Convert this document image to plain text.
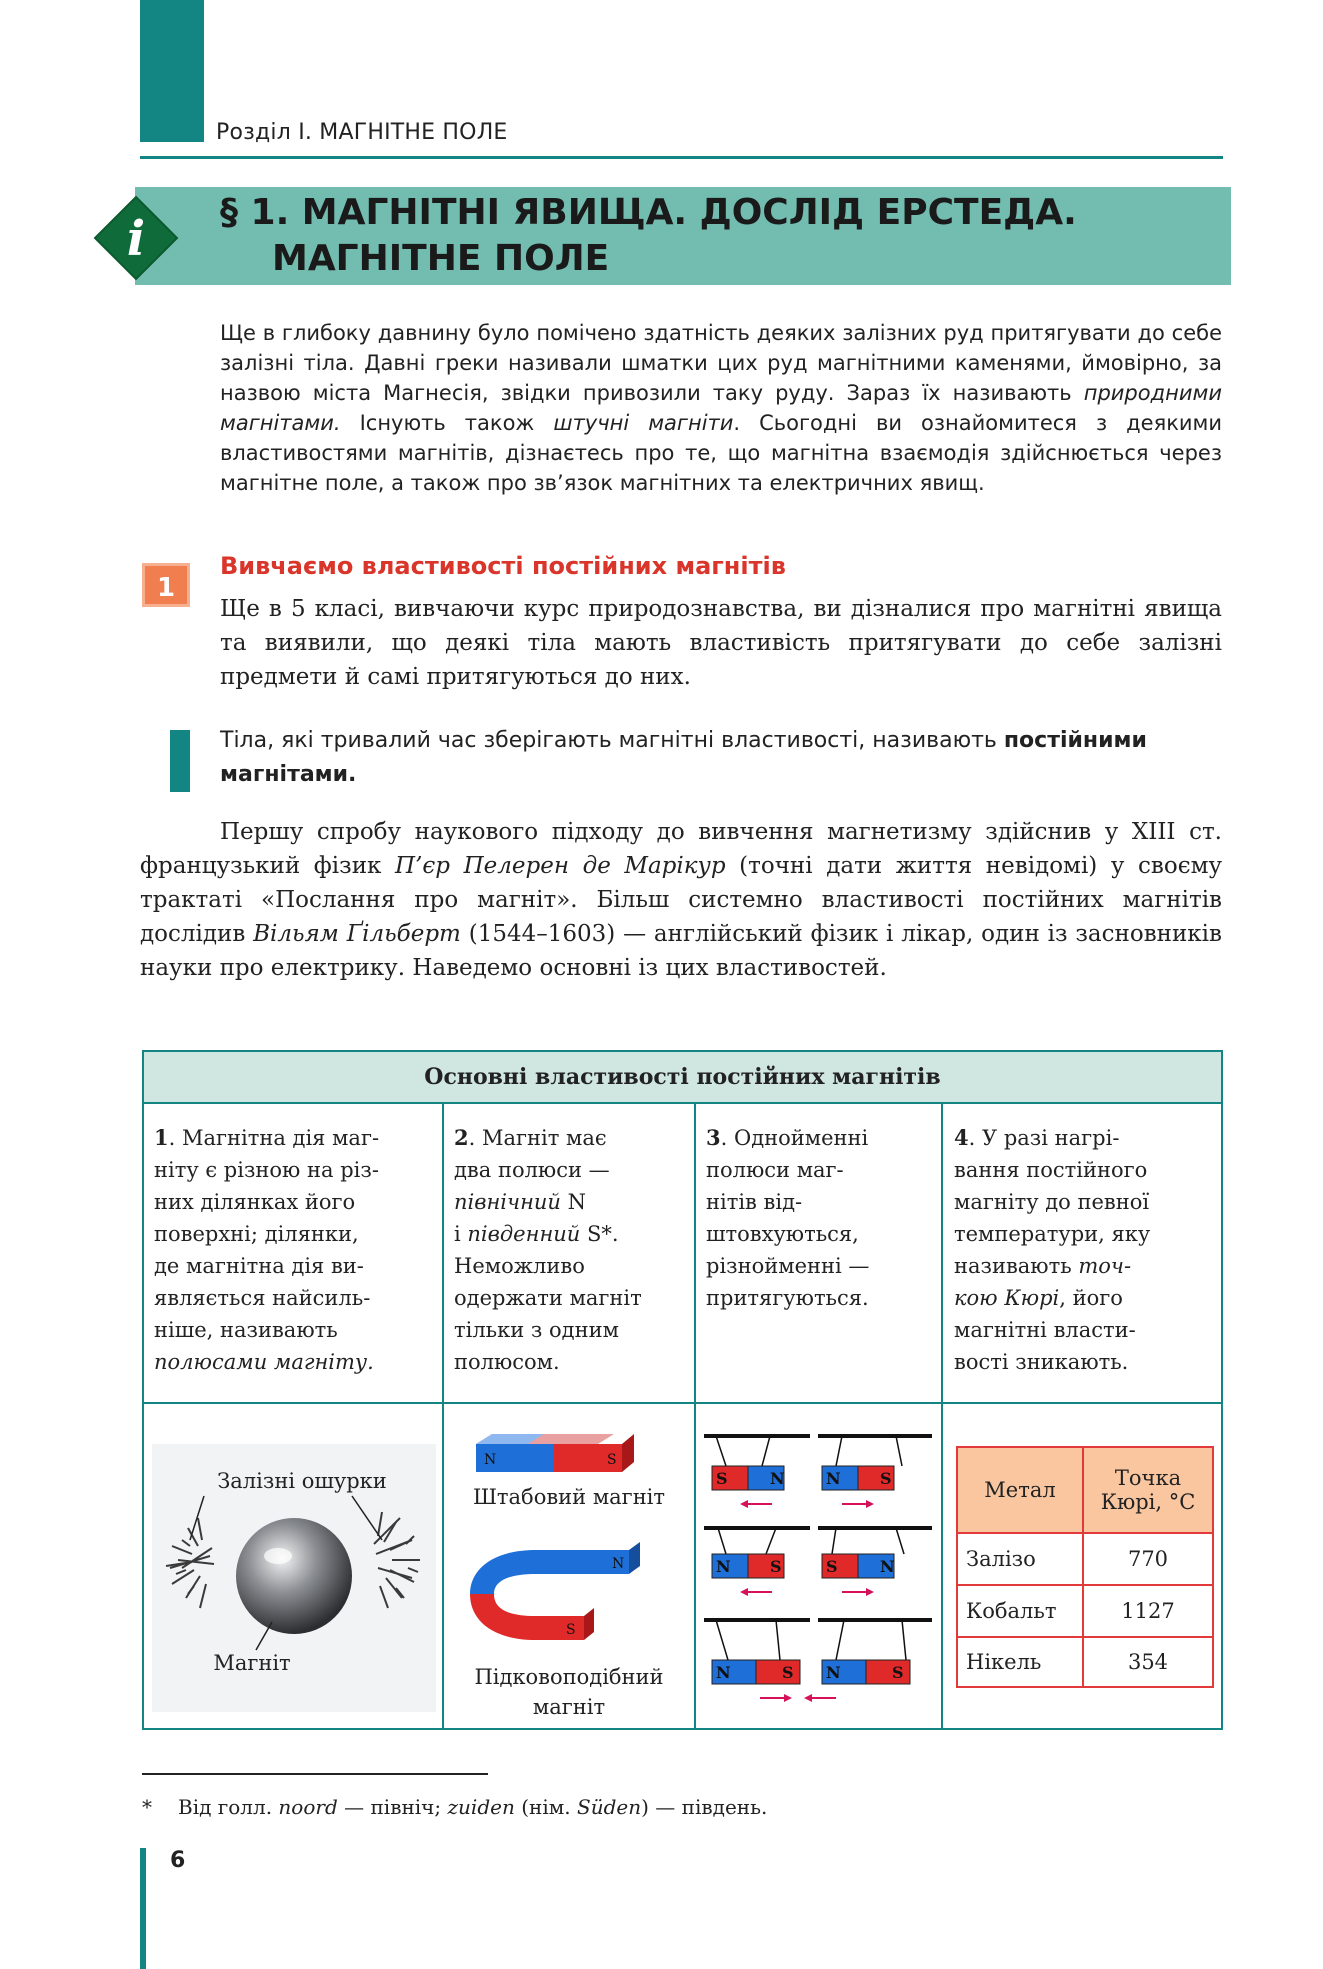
Розділ І. МАГНІТНЕ ПОЛЕ
i § 1. МАГНІТНІ ЯВИЩА. ДОСЛІД ЕРСТЕДА.
МАГНІТНЕ ПОЛЕ
Ще в глибоку давнину було помічено здатність деяких залізних руд притягувати до себе залізні тіла. Давні греки називали шматки цих руд магнітними каменями, ймовірно, за назвою міста Магнесія, звідки привозили таку руду. Зараз їх називають природними магнітами. Існують також штучні магніти. Сьогодні ви ознайомитеся з деякими властивостями магнітів, дізнаєтесь про те, що магнітна взаємодія здійснюється через магнітне поле, а також про зв’язок магнітних та електричних явищ.
1
Вивчаємо властивості постійних магнітів
Ще в 5 класі, вивчаючи курс природознавства, ви дізналися про магнітні явища та виявили, що деякі тіла мають властивість притягувати до себе залізні предмети й самі притягуються до них.
Тіла, які тривалий час зберігають магнітні властивості, називають постійними магнітами.
Першу спробу наукового підходу до вивчення магнетизму здійснив у XIII ст. французький фізик П’єр Пелерен де Марікур (точні дати життя невідомі) у своєму трактаті «Послання про магніт». Більш системно властивості постійних магнітів дослідив Вільям Ґільберт (1544–1603) — англійський фізик і лікар, один із засновників науки про електрику. Наведемо основні із цих властивостей.
Основні властивості постійних магнітів
1. Магнітна дія маг-
ніту є різною на різ-
них ділянках його
поверхні; ділянки,
де магнітна дія ви-
являється найсиль-
ніше, називають
полюсами магніту.
2. Магніт має
два полюси —
північний N
і південний S*.
Неможливо
одержати магніт
тільки з одним
полюсом.
3. Однойменні
полюси маг-
нітів від-
штовхуються,
різнойменні —
притягуються.
4. У разі нагрі-
вання постійного
магніту до певної
температури, яку
називають точ-
кою Кюрі, його
магнітні власти-
вості зникають.
Залізні ошурки
Магніт
N	S
Штабовий магніт
N
S
Підковоподібний
магніт
S	N	N S
N S	S	N
N	S N	S
Метал	Точка
Кюрі, °С
Залізо	770
Кобальт	1127
Нікель	354
* Від голл. noord — північ; zuiden (нім. Süden) — південь.
6
